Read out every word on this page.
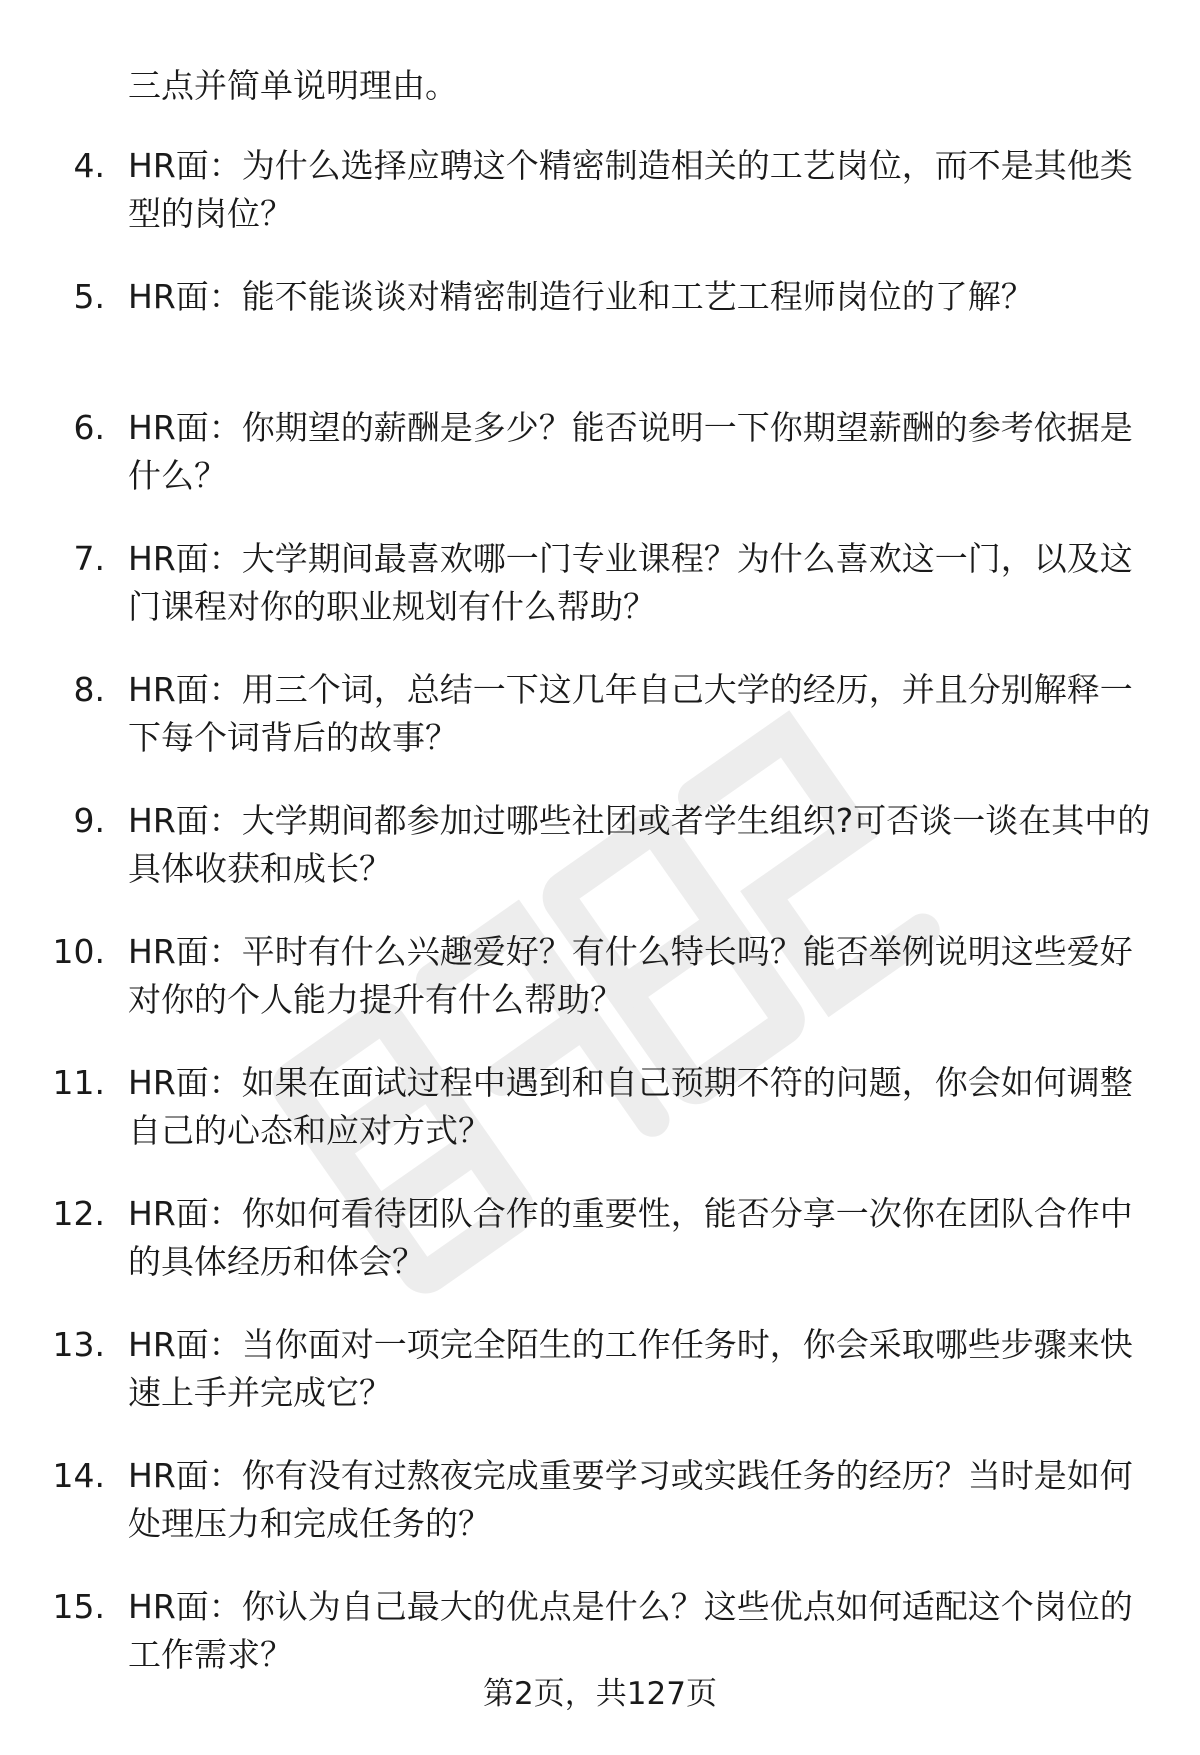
三点并简单说明理由。

4. HR面：为什么选择应聘这个精密制造相关的工艺岗位，而不是其他类型的岗位？

5. HR面：能不能谈谈对精密制造行业和工艺工程师岗位的了解？

6. HR面：你期望的薪酬是多少？能否说明一下你期望薪酬的参考依据是什么？

7. HR面：大学期间最喜欢哪一门专业课程？为什么喜欢这一门，以及这门课程对你的职业规划有什么帮助？

8. HR面：用三个词，总结一下这几年自己大学的经历，并且分别解释一下每个词背后的故事？

9. HR面：大学期间都参加过哪些社团或者学生组织?可否谈一谈在其中的具体收获和成长？

10. HR面：平时有什么兴趣爱好？有什么特长吗？能否举例说明这些爱好对你的个人能力提升有什么帮助？

11. HR面：如果在面试过程中遇到和自己预期不符的问题，你会如何调整自己的心态和应对方式？

12. HR面：你如何看待团队合作的重要性，能否分享一次你在团队合作中的具体经历和体会？

13. HR面：当你面对一项完全陌生的工作任务时，你会采取哪些步骤来快速上手并完成它？

14. HR面：你有没有过熬夜完成重要学习或实践任务的经历？当时是如何处理压力和完成任务的？

15. HR面：你认为自己最大的优点是什么？这些优点如何适配这个岗位的工作需求？

第2页，共127页
